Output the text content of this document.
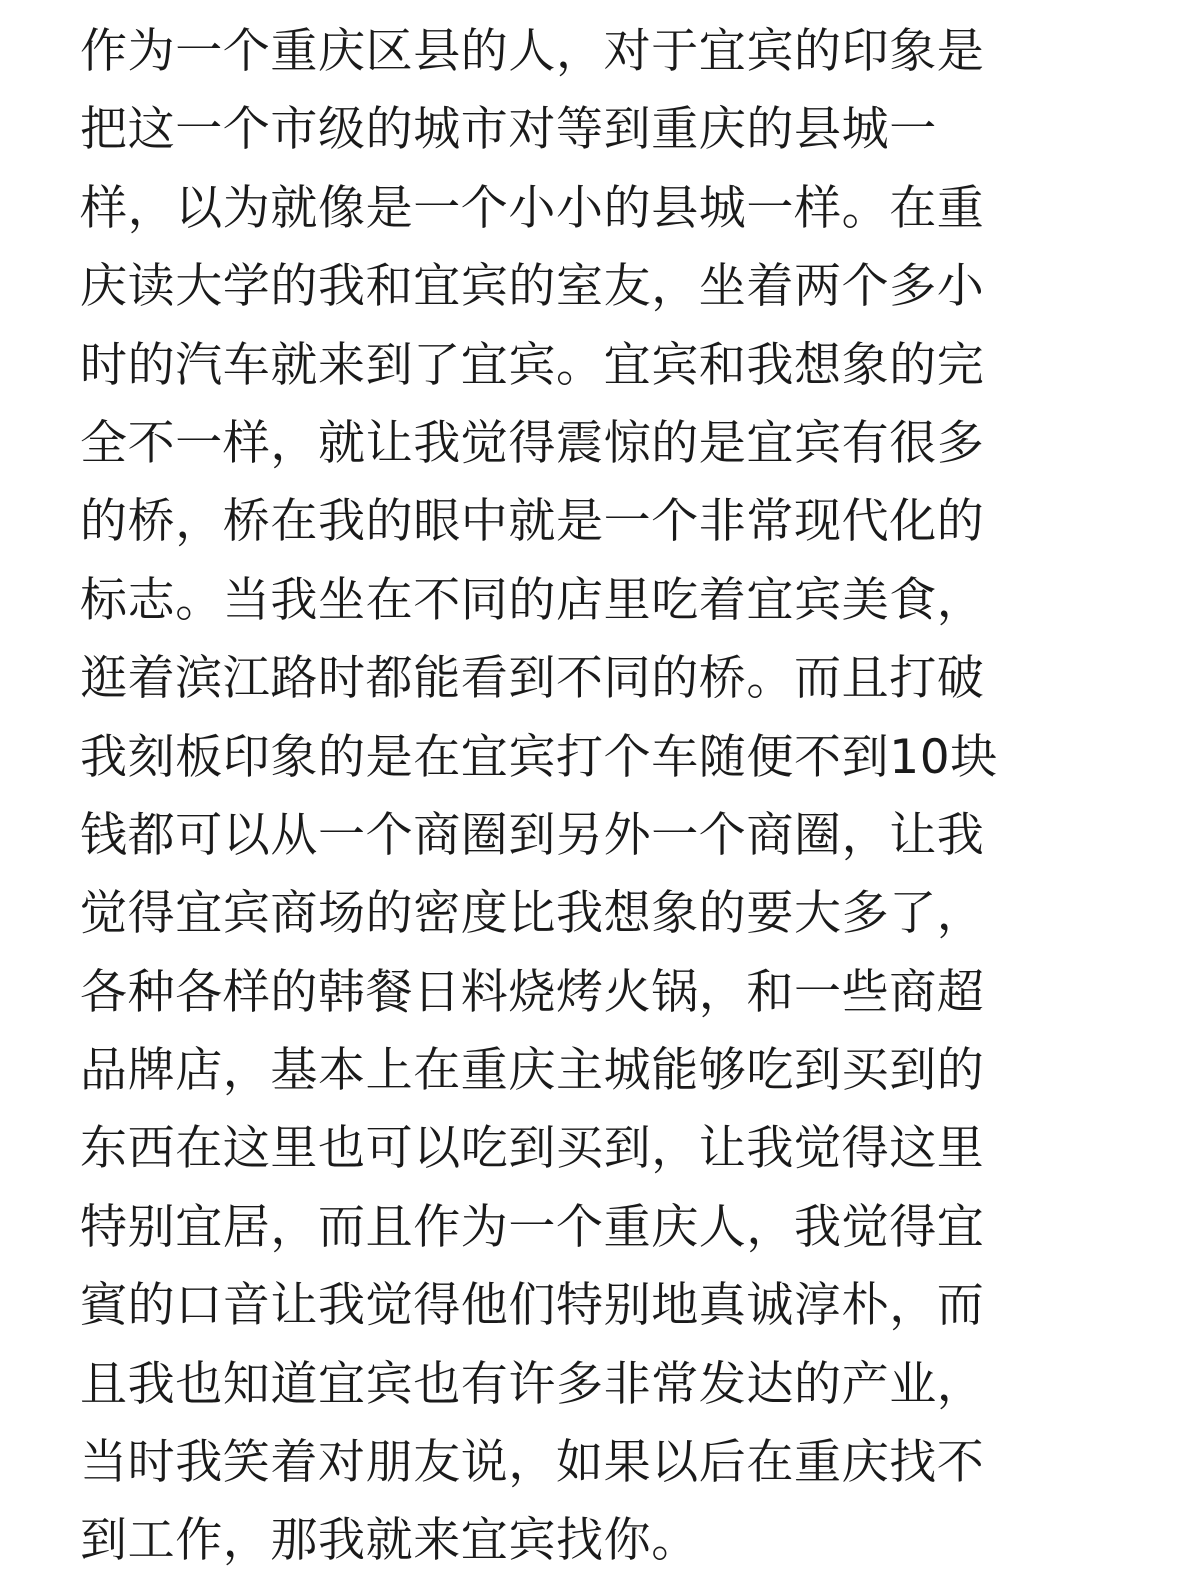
作为一个重庆区县的人，对于宜宾的印象是
把这一个市级的城市对等到重庆的县城一
样，以为就像是一个小小的县城一样。在重
庆读大学的我和宜宾的室友，坐着两个多小
时的汽车就来到了宜宾。宜宾和我想象的完
全不一样，就让我觉得震惊的是宜宾有很多
的桥，桥在我的眼中就是一个非常现代化的
标志。当我坐在不同的店里吃着宜宾美食，
逛着滨江路时都能看到不同的桥。而且打破
我刻板印象的是在宜宾打个车随便不到10块
钱都可以从一个商圈到另外一个商圈，让我
觉得宜宾商场的密度比我想象的要大多了，
各种各样的韩餐日料烧烤火锅，和一些商超
品牌店，基本上在重庆主城能够吃到买到的
东西在这里也可以吃到买到，让我觉得这里
特别宜居，而且作为一个重庆人，我觉得宜
賓的口音让我觉得他们特别地真诚淳朴，而
且我也知道宜宾也有许多非常发达的产业，
当时我笑着对朋友说，如果以后在重庆找不
到工作，那我就来宜宾找你。
